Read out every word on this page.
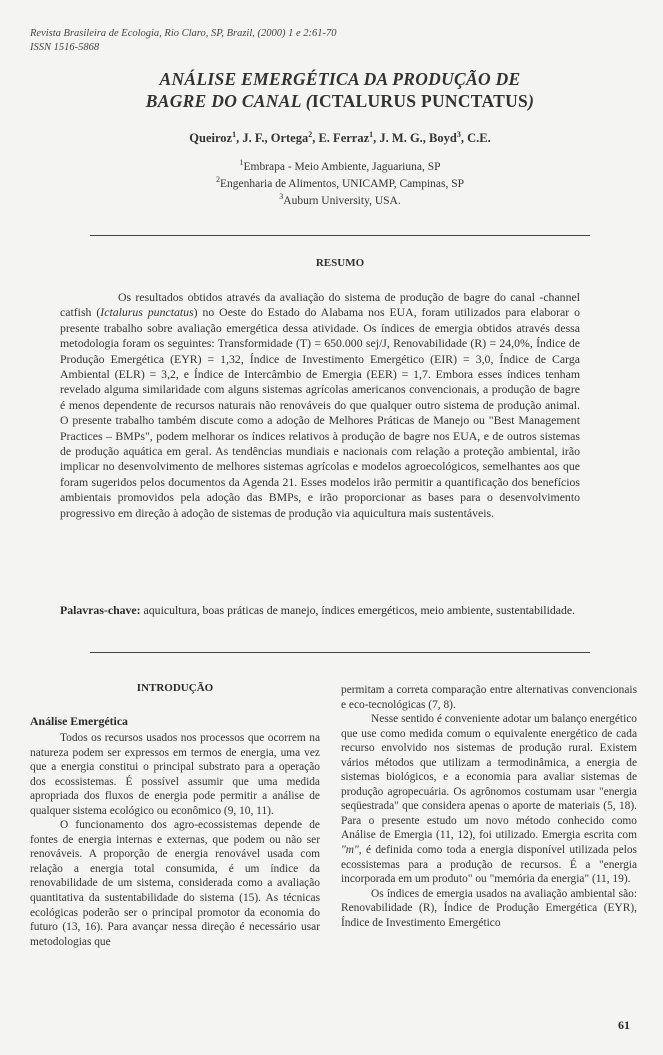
Revista Brasileira de Ecologia, Rio Claro, SP, Brazil, (2000) 1 e 2:61-70
ISSN 1516-5868
ANÁLISE EMERGÉTICA DA PRODUÇÃO DE
BAGRE DO CANAL (ICTALURUS PUNCTATUS)
Queiroz$^1$, J. F., Ortega$^2$, E. Ferraz$^1$, J. M. G., Boyd$^3$, C.E.
$^1$Embrapa - Meio Ambiente, Jaguariuna, SP
$^2$Engenharia de Alimentos, UNICAMP, Campinas, SP
$^3$Auburn University, USA.
RESUMO

Os resultados obtidos através da avaliação do sistema de produção de bagre do canal -channel catfish (Ictalurus punctatus) no Oeste do Estado do Alabama nos EUA, foram utilizados para elaborar o presente trabalho sobre avaliação emergética dessa atividade. Os índices de emergia obtidos através dessa metodologia foram os seguintes: Transformidade (T) = 650.000 sej/J, Renovabilidade (R) = 24,0%, Índice de Produção Emergética (EYR) = 1,32, Índice de Investimento Emergético (EIR) = 3,0, Índice de Carga Ambiental (ELR) = 3,2, e Índice de Intercâmbio de Emergia (EER) = 1,7. Embora esses índices tenham revelado alguma similaridade com alguns sistemas agrícolas americanos convencionais, a produção de bagre é menos dependente de recursos naturais não renováveis do que qualquer outro sistema de produção animal. O presente trabalho também discute como a adoção de Melhores Práticas de Manejo ou "Best Management Practices – BMPs", podem melhorar os índices relativos à produção de bagre nos EUA, e de outros sistemas de produção aquática em geral. As tendências mundiais e nacionais com relação a proteção ambiental, irão implicar no desenvolvimento de melhores sistemas agrícolas e modelos agroecológicos, semelhantes aos que foram sugeridos pelos documentos da Agenda 21. Esses modelos irão permitir a quantificação dos benefícios ambientais promovidos pela adoção das BMPs, e irão proporcionar as bases para o desenvolvimento progressivo em direção à adoção de sistemas de produção via aquicultura mais sustentáveis.

Palavras-chave: aquicultura, boas práticas de manejo, índices emergéticos, meio ambiente, sustentabilidade.
INTRODUÇÃO
Análise Emergética

Todos os recursos usados nos processos que ocorrem na natureza podem ser expressos em termos de energia, uma vez que a energia constitui o principal substrato para a operação dos ecossistemas. É possível assumir que uma medida apropriada dos fluxos de energia pode permitir a análise de qualquer sistema ecológico ou econômico (9, 10, 11).

O funcionamento dos agro-ecossistemas depende de fontes de energia internas e externas, que podem ou não ser renováveis. A proporção de energia renovável usada com relação a energia total consumida, é um índice da renovabilidade de um sistema, considerada como a avaliação quantitativa da sustentabilidade do sistema (15). As técnicas ecológicas poderão ser o principal promotor da economia do futuro (13, 16). Para avançar nessa direção é necessário usar metodologias que

permitam a correta comparação entre alternativas convencionais e eco-tecnológicas (7, 8).

Nesse sentido é conveniente adotar um balanço energético que use como medida comum o equivalente energético de cada recurso envolvido nos sistemas de produção rural. Existem vários métodos que utilizam a termodinâmica, a energia de sistemas biológicos, e a economia para avaliar sistemas de produção agropecuária. Os agrônomos costumam usar "energia seqüestrada" que considera apenas o aporte de materiais (5, 18). Para o presente estudo um novo método conhecido como Análise de Emergia (11, 12), foi utilizado. Emergia escrita com "m", é definida como toda a energia disponível utilizada pelos ecossistemas para a produção de recursos. É a "energia incorporada em um produto" ou "memória da energia" (11, 19).

Os índices de emergia usados na avaliação ambiental são: Renovabilidade (R), Índice de Produção Emergética (EYR), Índice de Investimento Emergético

61
